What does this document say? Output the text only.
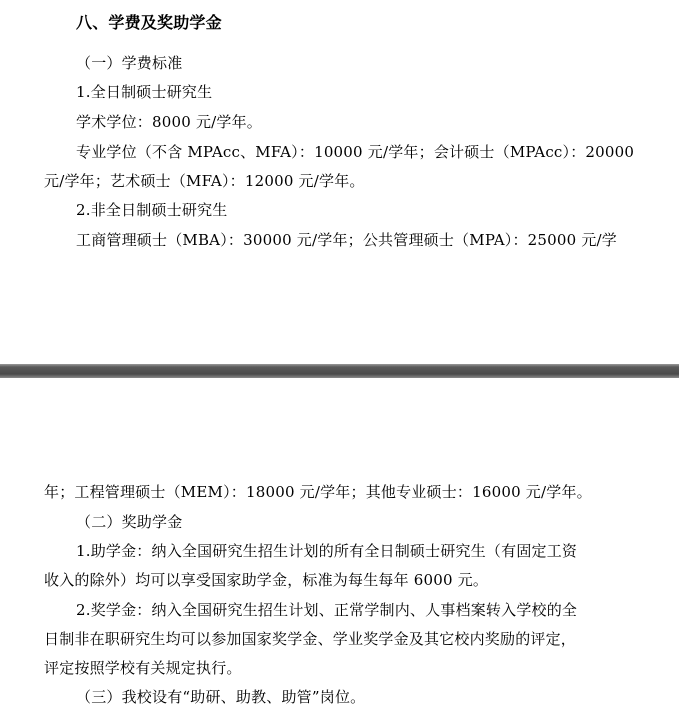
八、学费及奖助学金
（一）学费标准
1.全日制硕士研究生
学术学位：8000 元/学年。
专业学位（不含 MPAcc、MFA）：10000 元/学年；会计硕士（MPAcc）：20000
元/学年；艺术硕士（MFA）：12000 元/学年。
2.非全日制硕士研究生
工商管理硕士（MBA）：30000 元/学年；公共管理硕士（MPA）：25000 元/学
年；工程管理硕士（MEM）：18000 元/学年；其他专业硕士：16000 元/学年。
（二）奖助学金
1.助学金：纳入全国研究生招生计划的所有全日制硕士研究生（有固定工资
收入的除外）均可以享受国家助学金，标准为每生每年 6000 元。
2.奖学金：纳入全国研究生招生计划、正常学制内、人事档案转入学校的全
日制非在职研究生均可以参加国家奖学金、学业奖学金及其它校内奖励的评定，
评定按照学校有关规定执行。
（三）我校设有“助研、助教、助管”岗位。
